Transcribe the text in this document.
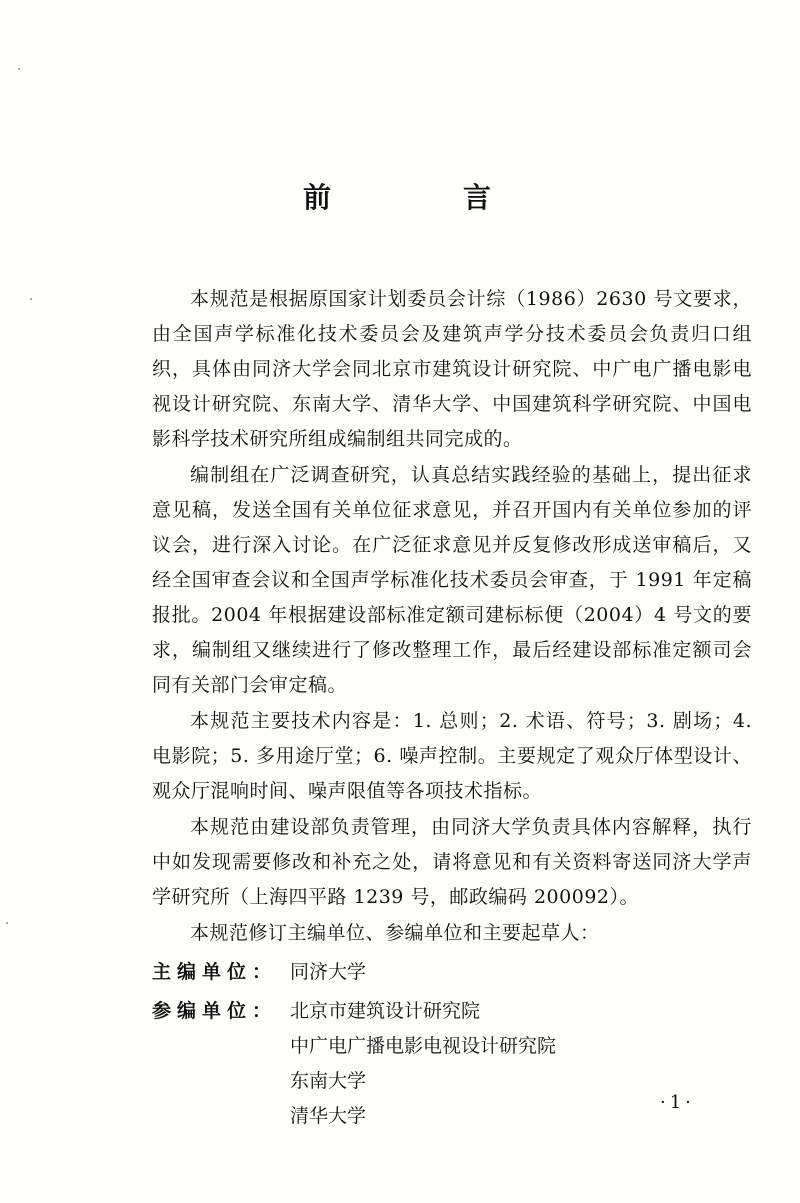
前　言

本规范是根据原国家计划委员会计综（1986）2630 号文要求，由全国声学标准化技术委员会及建筑声学分技术委员会负责归口组织，具体由同济大学会同北京市建筑设计研究院、中广电广播电影电视设计研究院、东南大学、清华大学、中国建筑科学研究院、中国电影科学技术研究所组成编制组共同完成的。

编制组在广泛调查研究，认真总结实践经验的基础上，提出征求意见稿，发送全国有关单位征求意见，并召开国内有关单位参加的评议会，进行深入讨论。在广泛征求意见并反复修改形成送审稿后，又经全国审查会议和全国声学标准化技术委员会审查，于 1991 年定稿报批。2004 年根据建设部标准定额司建标标便（2004）4 号文的要求，编制组又继续进行了修改整理工作，最后经建设部标准定额司会同有关部门会审定稿。

本规范主要技术内容是：1. 总则；2. 术语、符号；3. 剧场；4. 电影院；5. 多用途厅堂；6. 噪声控制。主要规定了观众厅体型设计、观众厅混响时间、噪声限值等各项技术指标。

本规范由建设部负责管理，由同济大学负责具体内容解释，执行中如发现需要修改和补充之处，请将意见和有关资料寄送同济大学声学研究所（上海四平路 1239 号，邮政编码 200092）。

本规范修订主编单位、参编单位和主要起草人：

主编单位： 同济大学
参编单位： 北京市建筑设计研究院
中广电广播电影电视设计研究院
东南大学
清华大学
·1·
